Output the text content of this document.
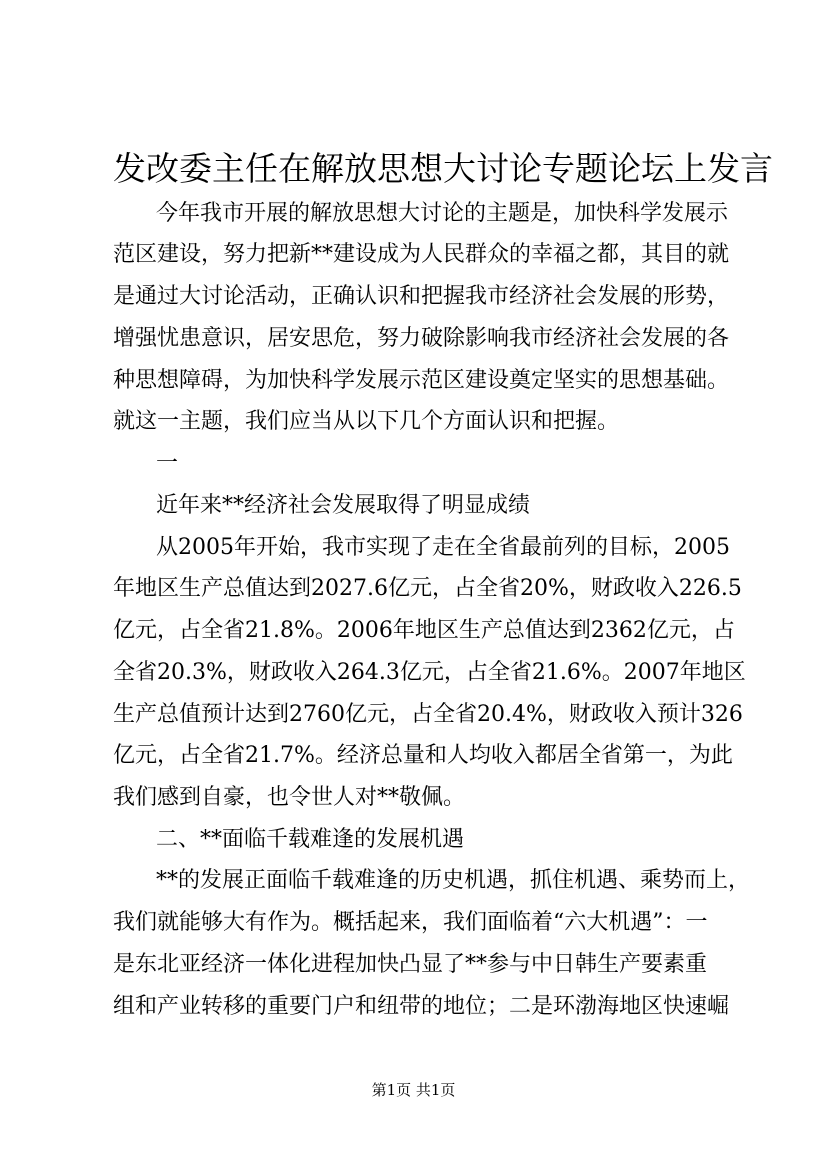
发改委主任在解放思想大讨论专题论坛上发言
今年我市开展的解放思想大讨论的主题是，加快科学发展示
范区建设，努力把新**建设成为人民群众的幸福之都，其目的就
是通过大讨论活动，正确认识和把握我市经济社会发展的形势，
增强忧患意识，居安思危，努力破除影响我市经济社会发展的各
种思想障碍，为加快科学发展示范区建设奠定坚实的思想基础。
就这一主题，我们应当从以下几个方面认识和把握。
一
近年来**经济社会发展取得了明显成绩
从2005年开始，我市实现了走在全省最前列的目标，2005
年地区生产总值达到2027.6亿元，占全省20%，财政收入226.5
亿元，占全省21.8%。2006年地区生产总值达到2362亿元，占
全省20.3%，财政收入264.3亿元，占全省21.6%。2007年地区
生产总值预计达到2760亿元，占全省20.4%，财政收入预计326
亿元，占全省21.7%。经济总量和人均收入都居全省第一，为此
我们感到自豪，也令世人对**敬佩。
二、**面临千载难逢的发展机遇
**的发展正面临千载难逢的历史机遇，抓住机遇、乘势而上，
我们就能够大有作为。概括起来，我们面临着“六大机遇”：一
是东北亚经济一体化进程加快凸显了**参与中日韩生产要素重
组和产业转移的重要门户和纽带的地位；二是环渤海地区快速崛
第1页 共1页
